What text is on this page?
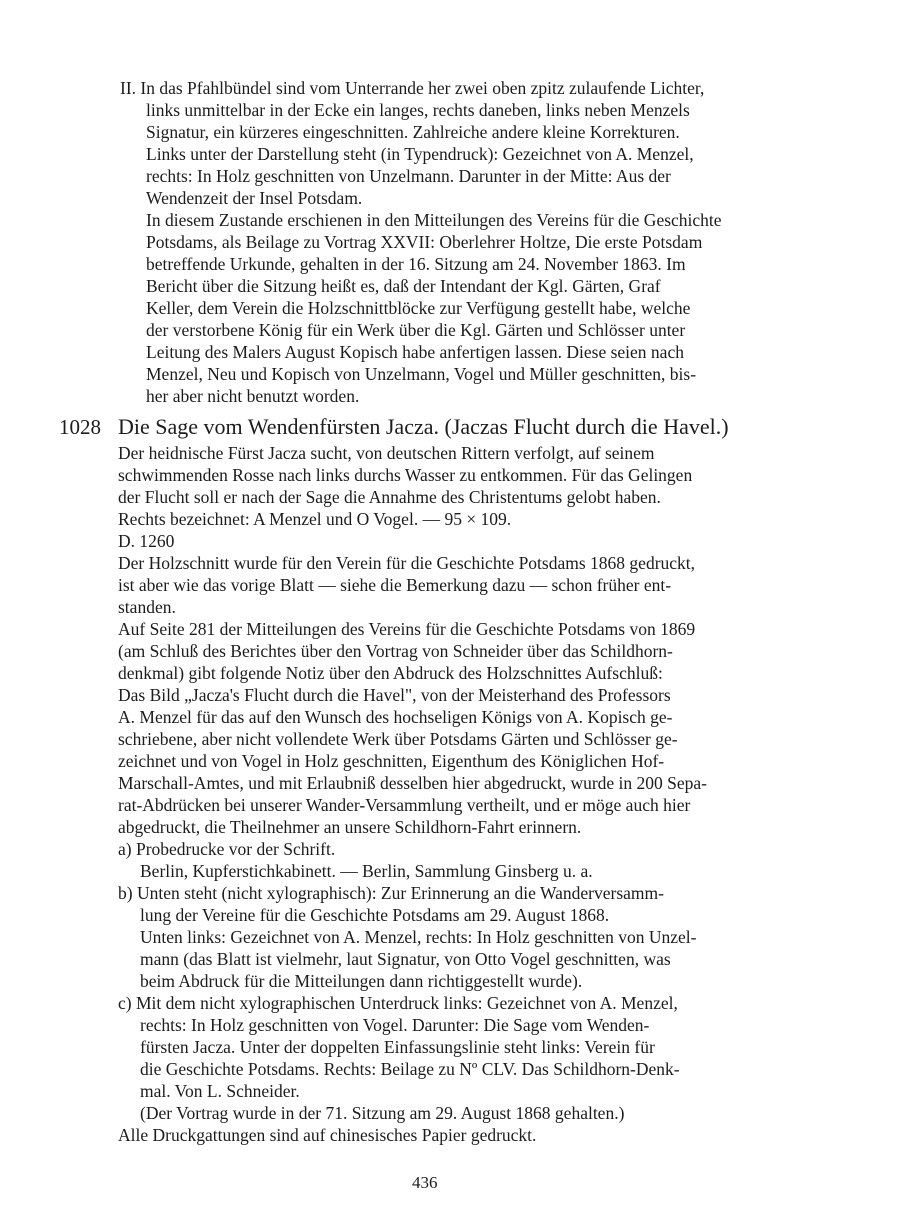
II. In das Pfahlbündel sind vom Unterrande her zwei oben zpitz zulaufende Lichter,
links unmittelbar in der Ecke ein langes, rechts daneben, links neben Menzels
Signatur, ein kürzeres eingeschnitten. Zahlreiche andere kleine Korrekturen.
Links unter der Darstellung steht (in Typendruck): Gezeichnet von A. Menzel,
rechts: In Holz geschnitten von Unzelmann. Darunter in der Mitte: Aus der
Wendenzeit der Insel Potsdam.
In diesem Zustande erschienen in den Mitteilungen des Vereins für die Geschichte
Potsdams, als Beilage zu Vortrag XXVII: Oberlehrer Holtze, Die erste Potsdam
betreffende Urkunde, gehalten in der 16. Sitzung am 24. November 1863. Im
Bericht über die Sitzung heißt es, daß der Intendant der Kgl. Gärten, Graf
Keller, dem Verein die Holzschnittblöcke zur Verfügung gestellt habe, welche
der verstorbene König für ein Werk über die Kgl. Gärten und Schlösser unter
Leitung des Malers August Kopisch habe anfertigen lassen. Diese seien nach
Menzel, Neu und Kopisch von Unzelmann, Vogel und Müller geschnitten, bis-
her aber nicht benutzt worden.
1028 Die Sage vom Wendenfürsten Jacza. (Jaczas Flucht durch die Havel.)
Der heidnische Fürst Jacza sucht, von deutschen Rittern verfolgt, auf seinem
schwimmenden Rosse nach links durchs Wasser zu entkommen. Für das Gelingen
der Flucht soll er nach der Sage die Annahme des Christentums gelobt haben.
Rechts bezeichnet: A Menzel und O Vogel. — 95 × 109.
D. 1260
Der Holzschnitt wurde für den Verein für die Geschichte Potsdams 1868 gedruckt,
ist aber wie das vorige Blatt — siehe die Bemerkung dazu — schon früher ent-
standen.
Auf Seite 281 der Mitteilungen des Vereins für die Geschichte Potsdams von 1869
(am Schluß des Berichtes über den Vortrag von Schneider über das Schildhorn-
denkmal) gibt folgende Notiz über den Abdruck des Holzschnittes Aufschluß:
Das Bild „Jacza's Flucht durch die Havel", von der Meisterhand des Professors
A. Menzel für das auf den Wunsch des hochseligen Königs von A. Kopisch ge-
schriebene, aber nicht vollendete Werk über Potsdams Gärten und Schlösser ge-
zeichnet und von Vogel in Holz geschnitten, Eigenthum des Königlichen Hof-
Marschall-Amtes, und mit Erlaubniß desselben hier abgedruckt, wurde in 200 Sepa-
rat-Abdrücken bei unserer Wander-Versammlung vertheilt, und er möge auch hier
abgedruckt, die Theilnehmer an unsere Schildhorn-Fahrt erinnern.
a) Probedrucke vor der Schrift.
Berlin, Kupferstichkabinett. — Berlin, Sammlung Ginsberg u. a.
b) Unten steht (nicht xylographisch): Zur Erinnerung an die Wanderversamm-
lung der Vereine für die Geschichte Potsdams am 29. August 1868.
Unten links: Gezeichnet von A. Menzel, rechts: In Holz geschnitten von Unzel-
mann (das Blatt ist vielmehr, laut Signatur, von Otto Vogel geschnitten, was
beim Abdruck für die Mitteilungen dann richtiggestellt wurde).
c) Mit dem nicht xylographischen Unterdruck links: Gezeichnet von A. Menzel,
rechts: In Holz geschnitten von Vogel. Darunter: Die Sage vom Wenden-
fürsten Jacza. Unter der doppelten Einfassungslinie steht links: Verein für
die Geschichte Potsdams. Rechts: Beilage zu Nº CLV. Das Schildhorn-Denk-
mal. Von L. Schneider.
(Der Vortrag wurde in der 71. Sitzung am 29. August 1868 gehalten.)
Alle Druckgattungen sind auf chinesisches Papier gedruckt.
436
